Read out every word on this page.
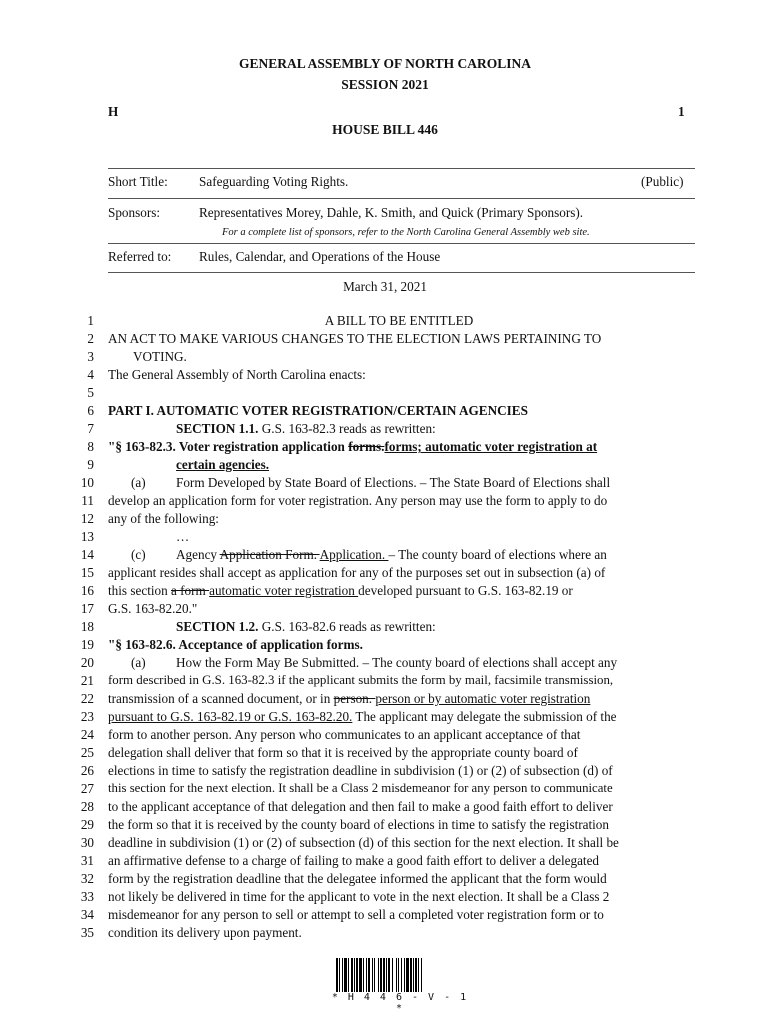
GENERAL ASSEMBLY OF NORTH CAROLINA
SESSION 2021
H	1
HOUSE BILL 446
Short Title: Safeguarding Voting Rights.	(Public)
Sponsors:	Representatives Morey, Dahle, K. Smith, and Quick (Primary Sponsors).
For a complete list of sponsors, refer to the North Carolina General Assembly web site.
Referred to: Rules, Calendar, and Operations of the House
March 31, 2021
1
2
3
4
5
6
7
8
9
10
11
12
13
14
15
16
17
18
19
20
21
22
23
24
25
26
27
28
29
30
31
32
33
34
35
A BILL TO BE ENTITLED
AN ACT TO MAKE VARIOUS CHANGES TO THE ELECTION LAWS PERTAINING TO
VOTING.
The General Assembly of North Carolina enacts:
PART I. AUTOMATIC VOTER REGISTRATION/CERTAIN AGENCIES
SECTION 1.1. G.S. 163-82.3 reads as rewritten:
"§ 163-82.3. Voter registration application forms.forms; automatic voter registration at
certain agencies.
(a)	Form Developed by State Board of Elections. – The State Board of Elections shall
develop an application form for voter registration. Any person may use the form to apply to do
any of the following:
…
(c)	Agency Application Form. Application. – The county board of elections where an
applicant resides shall accept as application for any of the purposes set out in subsection (a) of
this section a form automatic voter registration developed pursuant to G.S. 163-82.19 or
G.S. 163-82.20."
SECTION 1.2. G.S. 163-82.6 reads as rewritten:
"§ 163-82.6. Acceptance of application forms.
(a)	How the Form May Be Submitted. – The county board of elections shall accept any
form described in G.S. 163-82.3 if the applicant submits the form by mail, facsimile transmission,
transmission of a scanned document, or in person. person or by automatic voter registration
pursuant to G.S. 163-82.19 or G.S. 163-82.20. The applicant may delegate the submission of the
form to another person. Any person who communicates to an applicant acceptance of that
delegation shall deliver that form so that it is received by the appropriate county board of
elections in time to satisfy the registration deadline in subdivision (1) or (2) of subsection (d) of
this section for the next election. It shall be a Class 2 misdemeanor for any person to communicate
to the applicant acceptance of that delegation and then fail to make a good faith effort to deliver
the form so that it is received by the county board of elections in time to satisfy the registration
deadline in subdivision (1) or (2) of subsection (d) of this section for the next election. It shall be
an affirmative defense to a charge of failing to make a good faith effort to deliver a delegated
form by the registration deadline that the delegatee informed the applicant that the form would
not likely be delivered in time for the applicant to vote in the next election. It shall be a Class 2
misdemeanor for any person to sell or attempt to sell a completed voter registration form or to
condition its delivery upon payment.
* H 4 4 6 - V - 1 *
